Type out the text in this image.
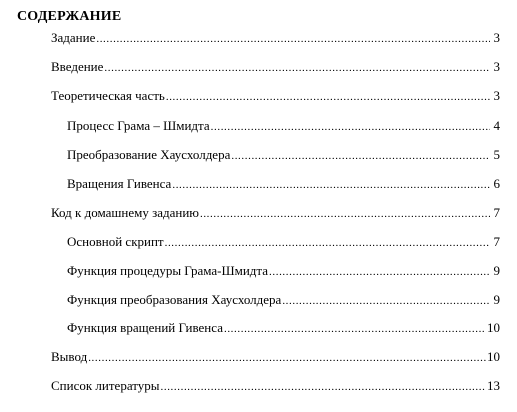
СОДЕРЖАНИЕ
Задание .....	3
Введение .....	3
Теоретическая часть .....	3
Процесс Грама – Шмидта .....	4
Преобразование Хаусхолдера .....	5
Вращения Гивенса .....	6
Код к домашнему заданию .....	7
Основной скрипт .....	7
Функция процедуры Грама-Шмидта .....	9
Функция преобразования Хаусхолдера .....	9
Функция вращений Гивенса .....	10
Вывод .....	10
Список литературы .....	13
